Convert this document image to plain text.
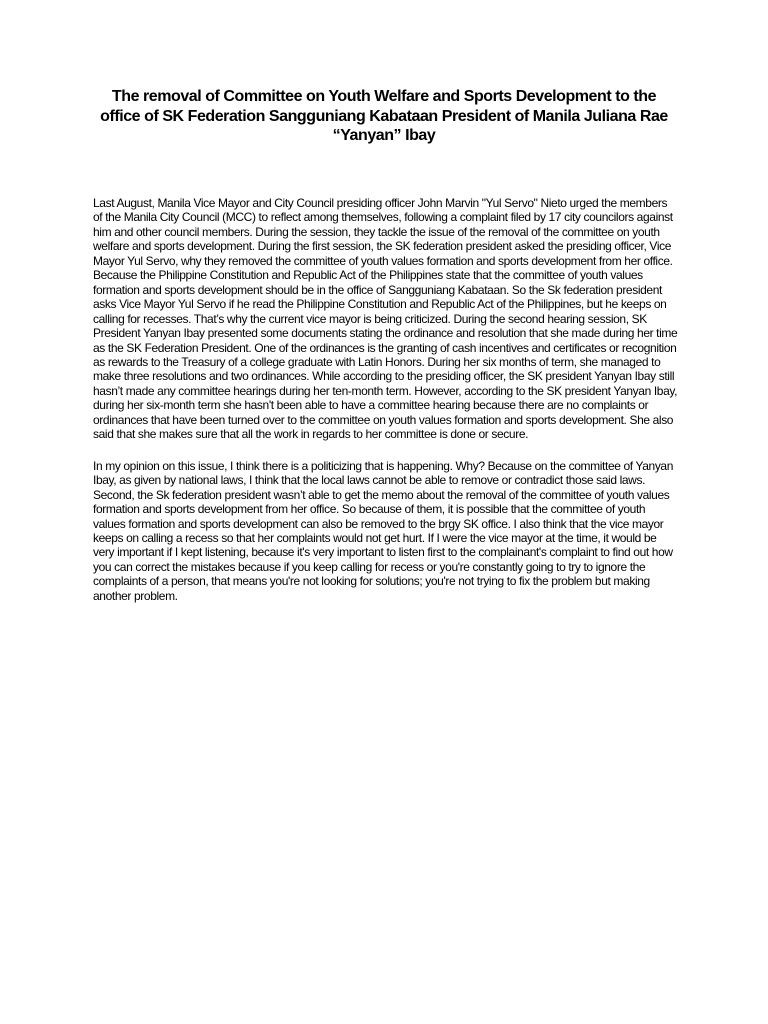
The removal of Committee on Youth Welfare and Sports Development to the office of SK Federation Sangguniang Kabataan President of Manila Juliana Rae “Yanyan” Ibay

Last August, Manila Vice Mayor and City Council presiding officer John Marvin "Yul Servo" Nieto urged the members of the Manila City Council (MCC) to reflect among themselves, following a complaint filed by 17 city councilors against him and other council members. During the session, they tackle the issue of the removal of the committee on youth welfare and sports development. During the first session, the SK federation president asked the presiding officer, Vice Mayor Yul Servo, why they removed the committee of youth values formation and sports development from her office. Because the Philippine Constitution and Republic Act of the Philippines state that the committee of youth values formation and sports development should be in the office of Sangguniang Kabataan. So the Sk federation president asks Vice Mayor Yul Servo if he read the Philippine Constitution and Republic Act of the Philippines, but he keeps on calling for recesses. That’s why the current vice mayor is being criticized. During the second hearing session, SK President Yanyan Ibay presented some documents stating the ordinance and resolution that she made during her time as the SK Federation President. One of the ordinances is the granting of cash incentives and certificates or recognition as rewards to the Treasury of a college graduate with Latin Honors. During her six months of term, she managed to make three resolutions and two ordinances. While according to the presiding officer, the SK president Yanyan Ibay still hasn’t made any committee hearings during her ten-month term. However, according to the SK president Yanyan Ibay, during her six-month term she hasn't been able to have a committee hearing because there are no complaints or ordinances that have been turned over to the committee on youth values formation and sports development. She also said that she makes sure that all the work in regards to her committee is done or secure.

In my opinion on this issue, I think there is a politicizing that is happening. Why? Because on the committee of Yanyan Ibay, as given by national laws, I think that the local laws cannot be able to remove or contradict those said laws. Second, the Sk federation president wasn’t able to get the memo about the removal of the committee of youth values formation and sports development from her office. So because of them, it is possible that the committee of youth values formation and sports development can also be removed to the brgy SK office. I also think that the vice mayor keeps on calling a recess so that her complaints would not get hurt. If I were the vice mayor at the time, it would be very important if I kept listening, because it's very important to listen first to the complainant's complaint to find out how you can correct the mistakes because if you keep calling for recess or you're constantly going to try to ignore the complaints of a person, that means you're not looking for solutions; you're not trying to fix the problem but making another problem.
